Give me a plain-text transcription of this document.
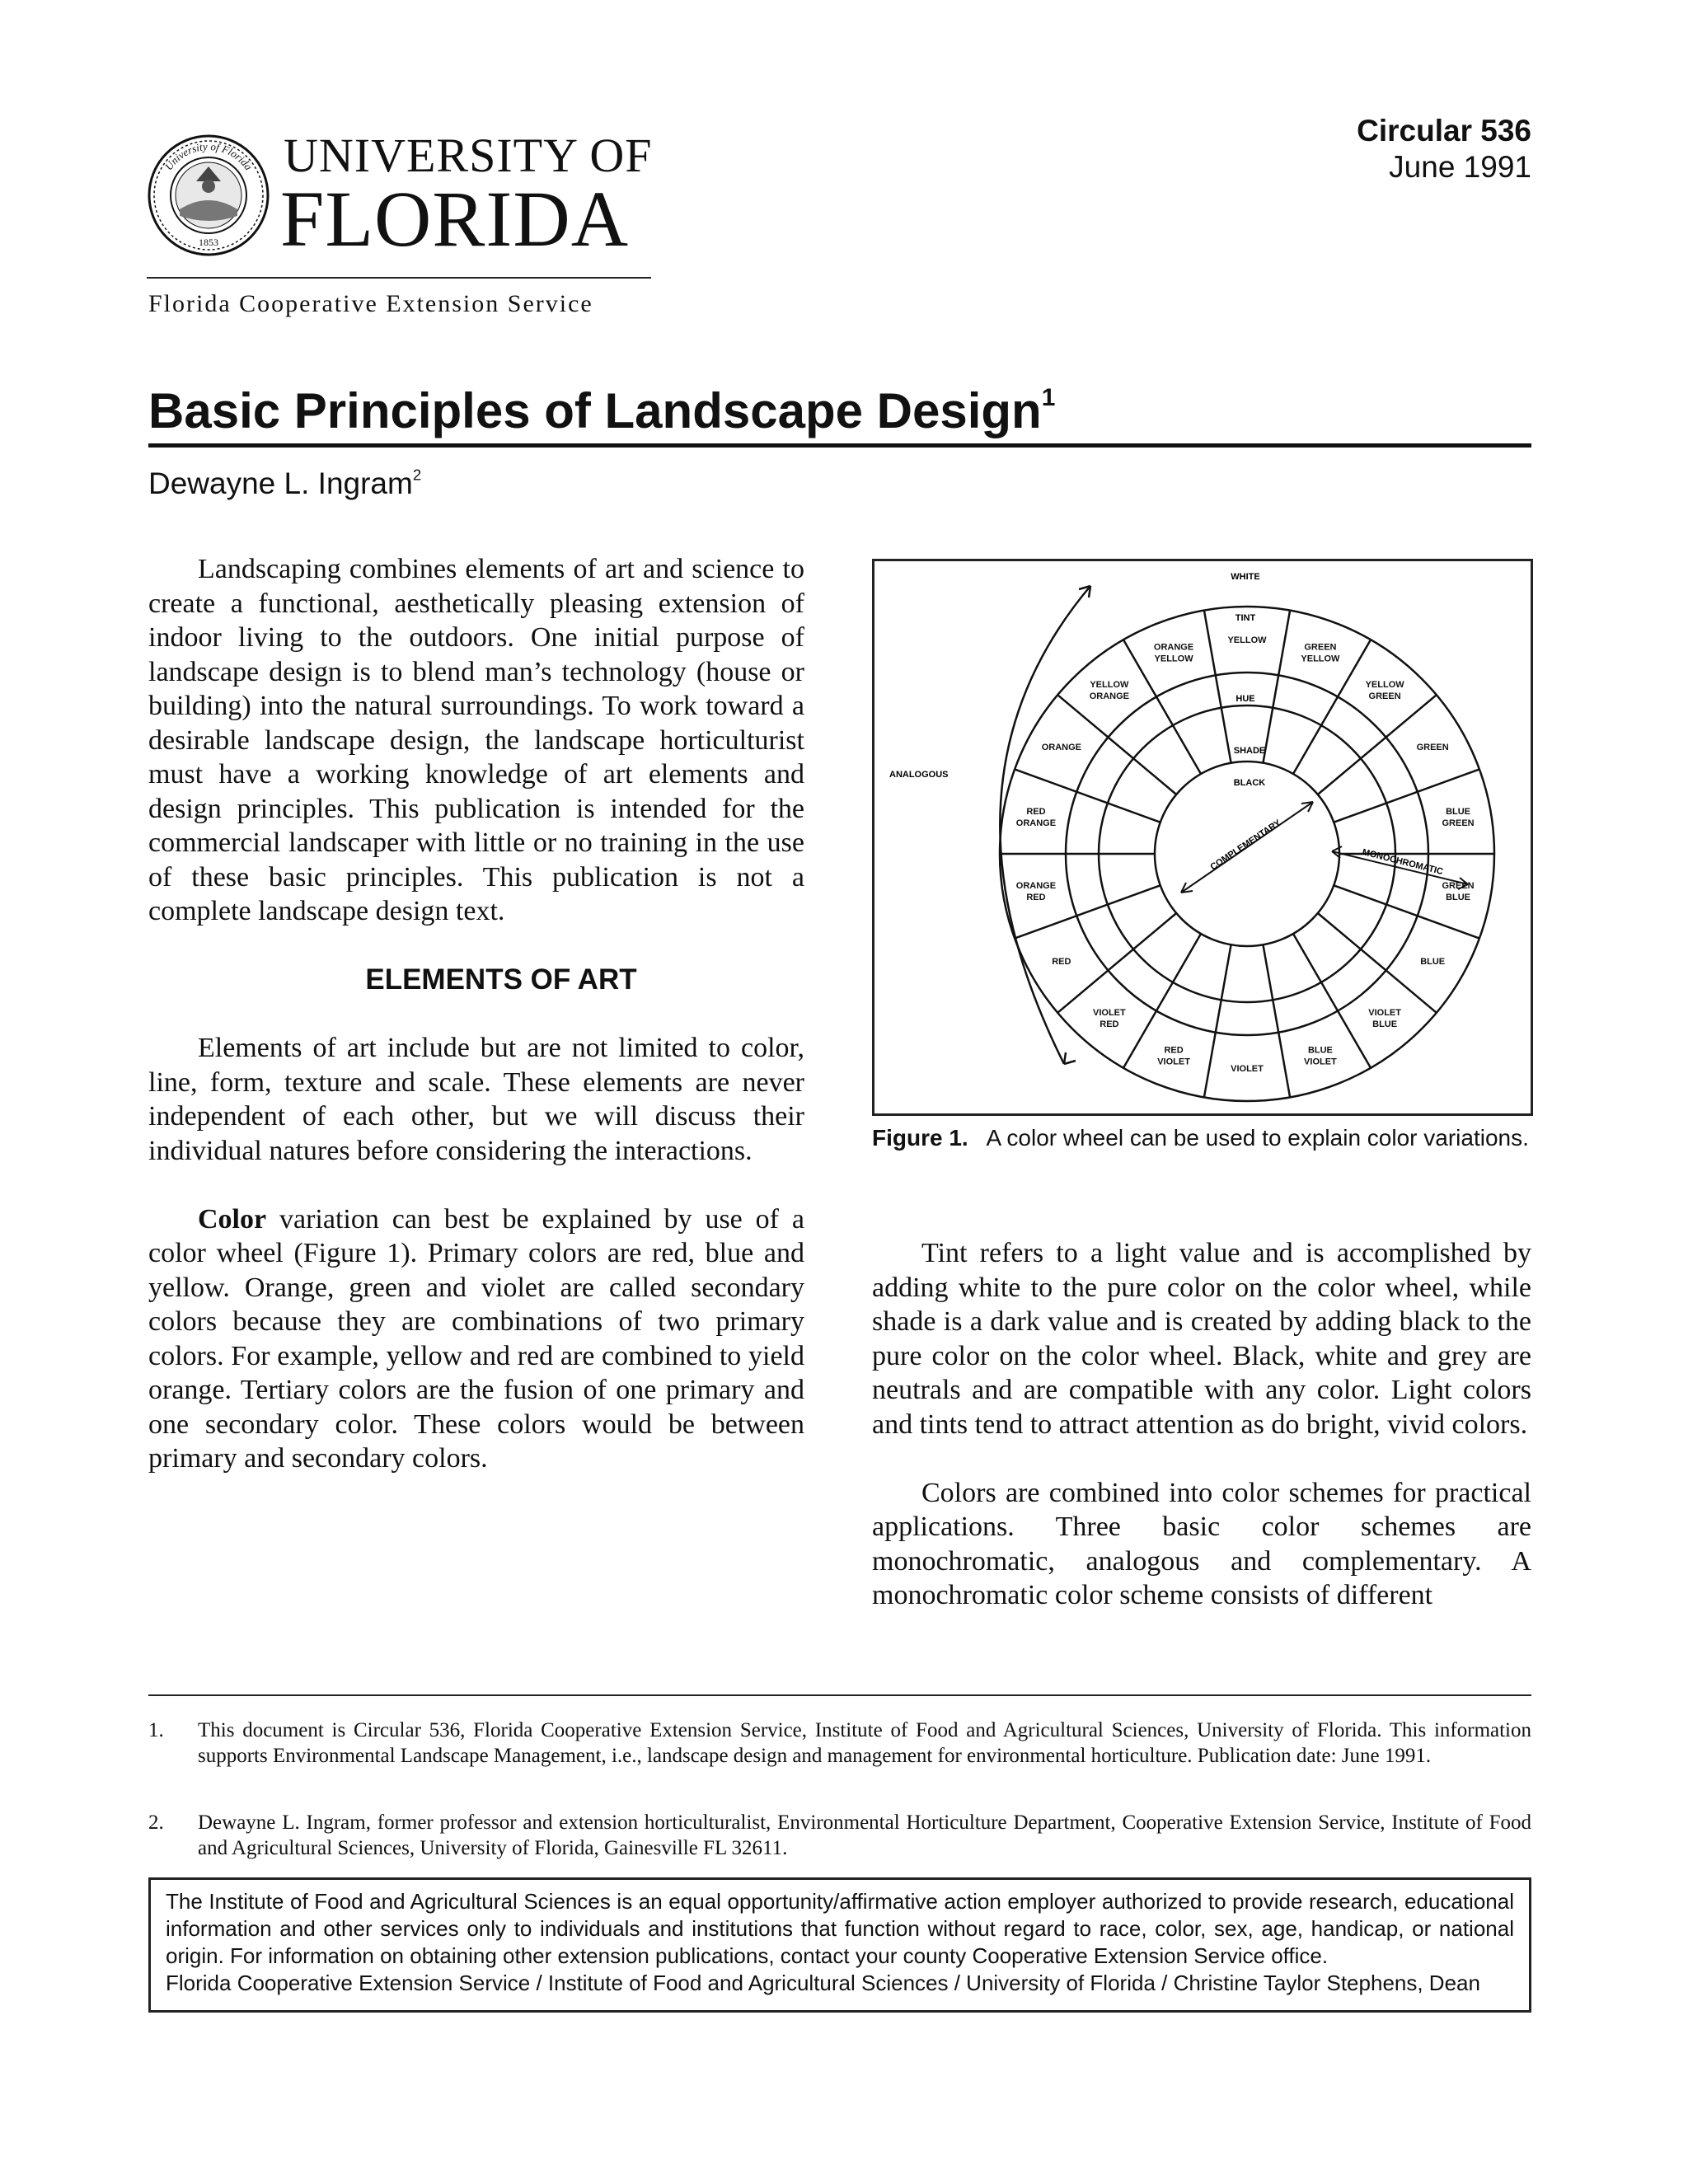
University of Florida
1853
UNIVERSITY OF
FLORIDA
Florida Cooperative Extension Service
Circular 536
June 1991
Basic Principles of Landscape Design$^1$
Dewayne L. Ingram$^2$

Landscaping combines elements of art and science to create a functional, aesthetically pleasing extension of indoor living to the outdoors. One initial purpose of landscape design is to blend man’s technology (house or building) into the natural surroundings. To work toward a desirable landscape design, the landscape horticulturist must have a working knowledge of art elements and design principles. This publication is intended for the commercial landscaper with little or no training in the use of these basic principles. This publication is not a complete landscape design text.

ELEMENTS OF ART

Elements of art include but are not limited to color, line, form, texture and scale. These elements are never independent of each other, but we will discuss their individual natures before considering the interactions.

Color variation can best be explained by use of a color wheel (Figure 1). Primary colors are red, blue and yellow. Orange, green and violet are called secondary colors because they are combinations of two primary colors. For example, yellow and red are combined to yield orange. Tertiary colors are the fusion of one primary and one secondary color. These colors would be between primary and secondary colors.

YELLOW
GREEN YELLOW
YELLOW GREEN
GREEN
BLUE GREEN
GREEN BLUE
BLUE
VIOLET BLUE
BLUE VIOLET
VIOLET
RED VIOLET
VIOLET RED
RED
ORANGE RED
RED ORANGE
ORANGE
YELLOW ORANGE
ORANGE YELLOW
WHITE
TINT
HUE
SHADE
BLACK
ANALOGOUS
COMPLEMENTARY	MONOCHROMATIC
Figure 1. A color wheel can be used to explain color variations.

Tint refers to a light value and is accomplished by adding white to the pure color on the color wheel, while shade is a dark value and is created by adding black to the pure color on the color wheel. Black, white and grey are neutrals and are compatible with any color. Light colors and tints tend to attract attention as do bright, vivid colors.

Colors are combined into color schemes for practical applications. Three basic color schemes are monochromatic, analogous and complementary. A monochromatic color scheme consists of different

1. This document is Circular 536, Florida Cooperative Extension Service, Institute of Food and Agricultural Sciences, University of Florida. This information supports Environmental Landscape Management, i.e., landscape design and management for environmental horticulture. Publication date: June 1991.
2. Dewayne L. Ingram, former professor and extension horticulturalist, Environmental Horticulture Department, Cooperative Extension Service, Institute of Food and Agricultural Sciences, University of Florida, Gainesville FL 32611.

The Institute of Food and Agricultural Sciences is an equal opportunity/affirmative action employer authorized to provide research, educational information and other services only to individuals and institutions that function without regard to race, color, sex, age, handicap, or national origin. For information on obtaining other extension publications, contact your county Cooperative Extension Service office.

Florida Cooperative Extension Service / Institute of Food and Agricultural Sciences / University of Florida / Christine Taylor Stephens, Dean
